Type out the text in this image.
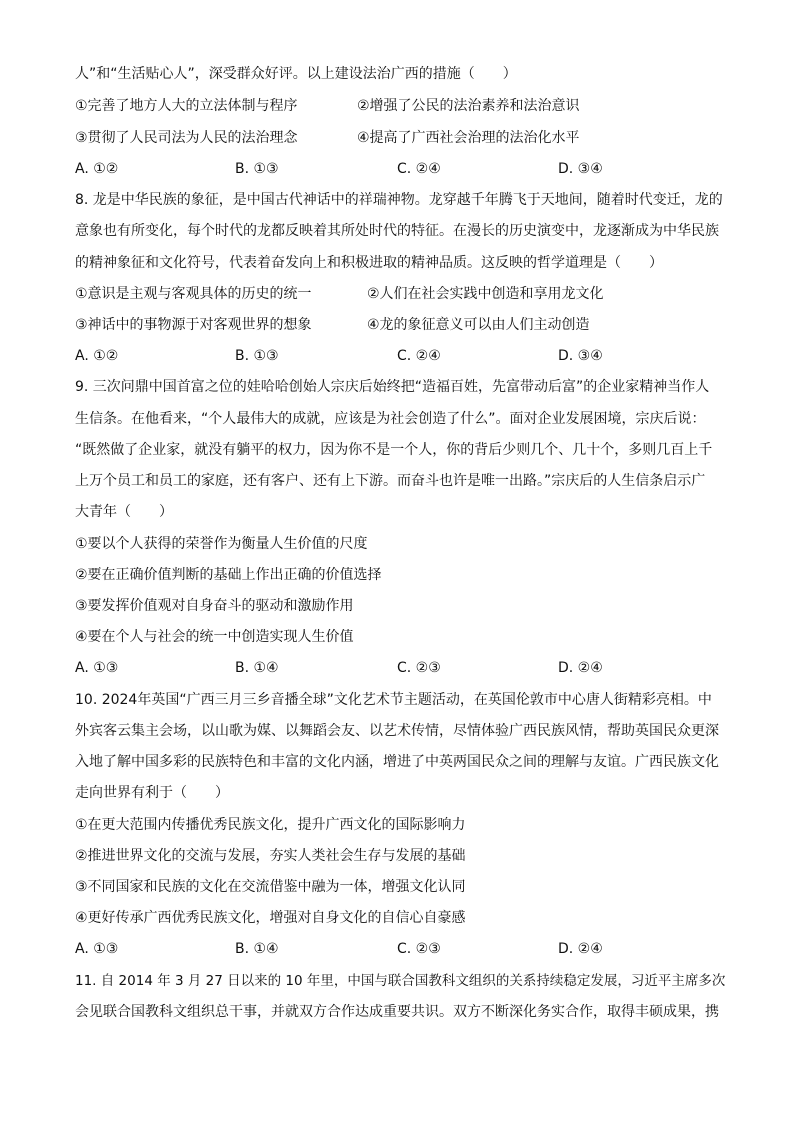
人”和“生活贴心人”，深受群众好评。以上建设法治广西的措施（　　）
①完善了地方人大的立法体制与程序	②增强了公民的法治素养和法治意识
③贯彻了人民司法为人民的法治理念	④提高了广西社会治理的法治化水平
A. ①②	B. ①③	C. ②④	D. ③④
8. 龙是中华民族的象征，是中国古代神话中的祥瑞神物。龙穿越千年腾飞于天地间，随着时代变迁，龙的
意象也有所变化，每个时代的龙都反映着其所处时代的特征。在漫长的历史演变中，龙逐渐成为中华民族
的精神象征和文化符号，代表着奋发向上和积极进取的精神品质。这反映的哲学道理是（　　）
①意识是主观与客观具体的历史的统一	②人们在社会实践中创造和享用龙文化
③神话中的事物源于对客观世界的想象	④龙的象征意义可以由人们主动创造
A. ①②	B. ①③	C. ②④	D. ③④
9. 三次问鼎中国首富之位的娃哈哈创始人宗庆后始终把“造福百姓，先富带动后富”的企业家精神当作人
生信条。在他看来，“个人最伟大的成就，应该是为社会创造了什么”。面对企业发展困境，宗庆后说：
“既然做了企业家，就没有躺平的权力，因为你不是一个人，你的背后少则几个、几十个，多则几百上千
上万个员工和员工的家庭，还有客户、还有上下游。而奋斗也许是唯一出路。”宗庆后的人生信条启示广
大青年（　　）
①要以个人获得的荣誉作为衡量人生价值的尺度
②要在正确价值判断的基础上作出正确的价值选择
③要发挥价值观对自身奋斗的驱动和激励作用
④要在个人与社会的统一中创造实现人生价值
A. ①③	B. ①④	C. ②③	D. ②④
10. 2024年英国“广西三月三乡音播全球”文化艺术节主题活动，在英国伦敦市中心唐人街精彩亮相。中
外宾客云集主会场，以山歌为媒、以舞蹈会友、以艺术传情，尽情体验广西民族风情，帮助英国民众更深
入地了解中国多彩的民族特色和丰富的文化内涵，增进了中英两国民众之间的理解与友谊。广西民族文化
走向世界有利于（　　）
①在更大范围内传播优秀民族文化，提升广西文化的国际影响力
②推进世界文化的交流与发展，夯实人类社会生存与发展的基础
③不同国家和民族的文化在交流借鉴中融为一体，增强文化认同
④更好传承广西优秀民族文化，增强对自身文化的自信心自豪感
A. ①③	B. ①④	C. ②③	D. ②④
11. 自 2014 年 3 月 27 日以来的 10 年里，中国与联合国教科文组织的关系持续稳定发展，习近平主席多次
会见联合国教科文组织总干事，并就双方合作达成重要共识。双方不断深化务实合作，取得丰硕成果，携
